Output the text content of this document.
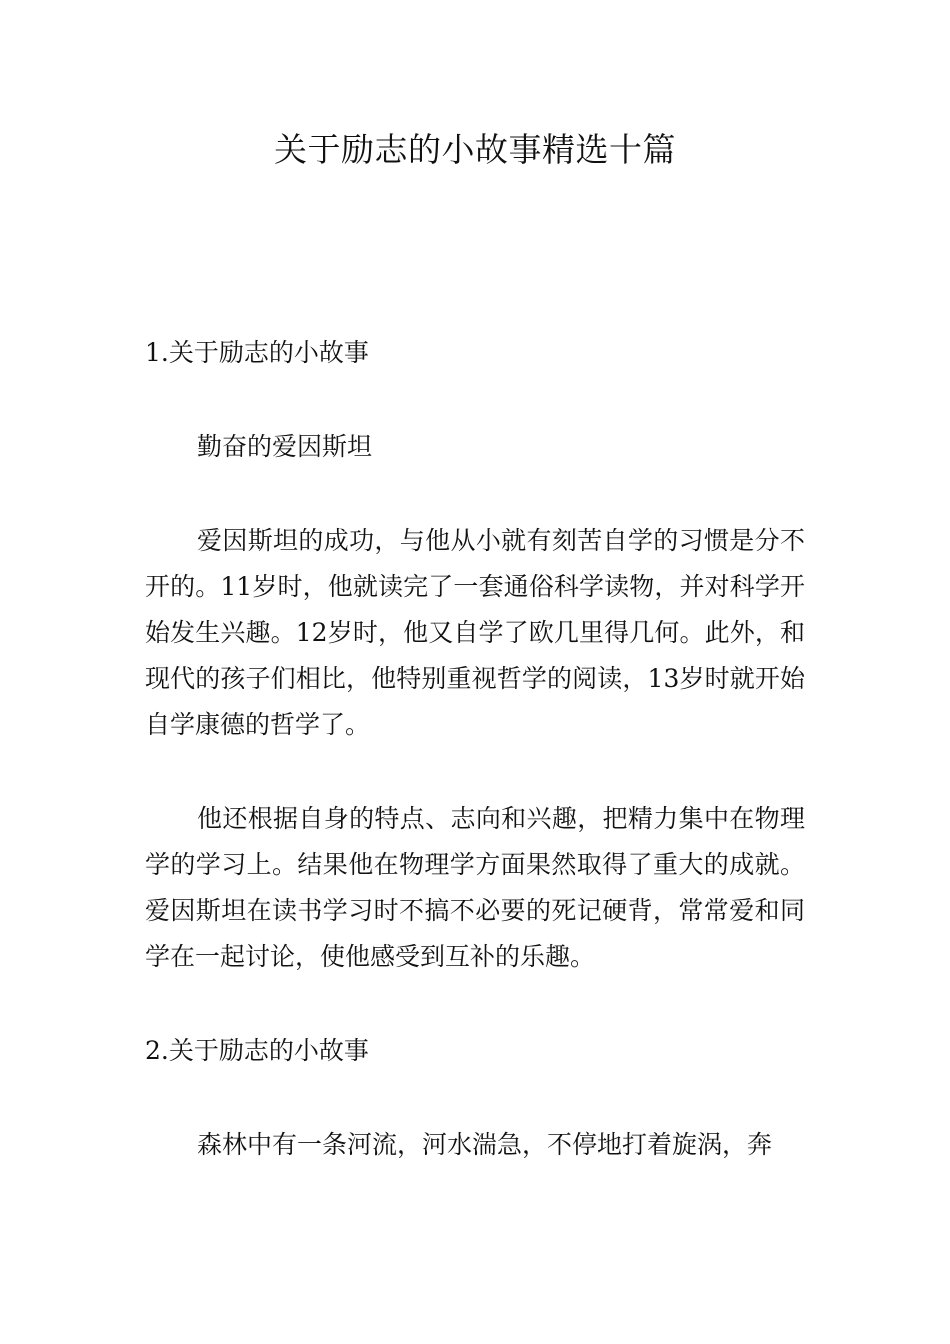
关于励志的小故事精选十篇
1.关于励志的小故事

勤奋的爱因斯坦

爱因斯坦的成功，与他从小就有刻苦自学的习惯是分不开的。11岁时，他就读完了一套通俗科学读物，并对科学开始发生兴趣。12岁时，他又自学了欧几里得几何。此外，和现代的孩子们相比，他特别重视哲学的阅读，13岁时就开始自学康德的哲学了。

他还根据自身的特点、志向和兴趣，把精力集中在物理学的学习上。结果他在物理学方面果然取得了重大的成就。爱因斯坦在读书学习时不搞不必要的死记硬背，常常爱和同学在一起讨论，使他感受到互补的乐趣。

2.关于励志的小故事

森林中有一条河流，河水湍急，不停地打着旋涡，奔
